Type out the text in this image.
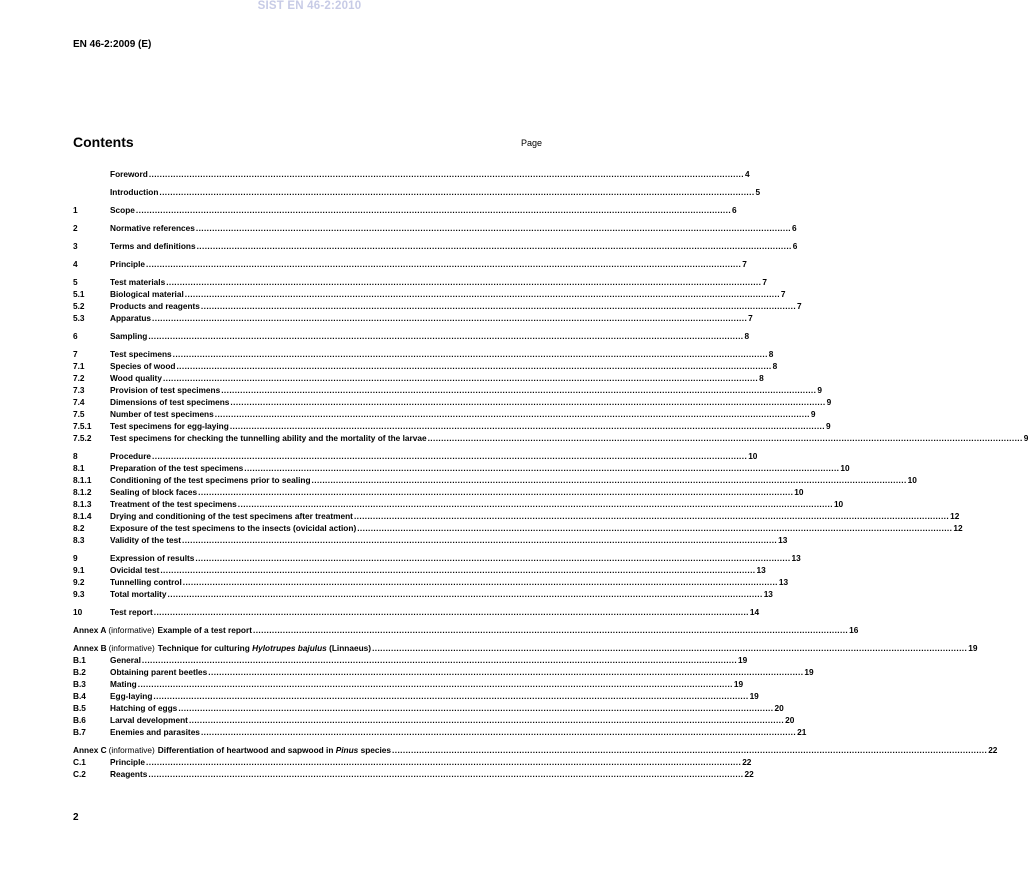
SIST EN 46-2:2010
EN 46-2:2009 (E)
Contents	Page
Foreword ............................................................................................................................................................................................................................ 4
Introduction ............................................................................................................................................................................................................................ 5
1	Scope ............................................................................................................................................................................................................................ 6
2	Normative references ............................................................................................................................................................................................................................ 6
3	Terms and definitions ............................................................................................................................................................................................................................ 6
4	Principle ............................................................................................................................................................................................................................ 7
5	Test materials ............................................................................................................................................................................................................................ 7
5.1	Biological material ............................................................................................................................................................................................................................ 7
5.2	Products and reagents ............................................................................................................................................................................................................................ 7
5.3	Apparatus ............................................................................................................................................................................................................................ 7
6	Sampling ............................................................................................................................................................................................................................ 8
7	Test specimens ............................................................................................................................................................................................................................ 8
7.1	Species of wood ............................................................................................................................................................................................................................ 8
7.2	Wood quality ............................................................................................................................................................................................................................ 8
7.3	Provision of test specimens ............................................................................................................................................................................................................................ 9
7.4	Dimensions of test specimens ............................................................................................................................................................................................................................ 9
7.5	Number of test specimens ............................................................................................................................................................................................................................ 9
7.5.1	Test specimens for egg-laying ............................................................................................................................................................................................................................ 9
7.5.2	Test specimens for checking the tunnelling ability and the mortality of the larvae ............................................................................................................................................................................................................................ 9
8	Procedure ............................................................................................................................................................................................................................ 10
8.1	Preparation of the test specimens ............................................................................................................................................................................................................................ 10
8.1.1	Conditioning of the test specimens prior to sealing ............................................................................................................................................................................................................................ 10
8.1.2	Sealing of block faces ............................................................................................................................................................................................................................ 10
8.1.3	Treatment of the test specimens ............................................................................................................................................................................................................................ 10
8.1.4	Drying and conditioning of the test specimens after treatment ............................................................................................................................................................................................................................ 12
8.2	Exposure of the test specimens to the insects (ovicidal action) ............................................................................................................................................................................................................................ 12
8.3	Validity of the test ............................................................................................................................................................................................................................ 13
9	Expression of results ............................................................................................................................................................................................................................ 13
9.1	Ovicidal test ............................................................................................................................................................................................................................ 13
9.2	Tunnelling control ............................................................................................................................................................................................................................ 13
9.3	Total mortality ............................................................................................................................................................................................................................ 13
10	Test report ............................................................................................................................................................................................................................ 14
Annex A (informative) Example of a test report ............................................................................................................................................................................................................................ 16
Annex B (informative) Technique for culturing Hylotrupes bajulus (Linnaeus) ............................................................................................................................................................................................................................ 19
B.1	General ............................................................................................................................................................................................................................ 19
B.2	Obtaining parent beetles ............................................................................................................................................................................................................................ 19
B.3	Mating ............................................................................................................................................................................................................................ 19
B.4	Egg-laying ............................................................................................................................................................................................................................ 19
B.5	Hatching of eggs ............................................................................................................................................................................................................................ 20
B.6	Larval development ............................................................................................................................................................................................................................ 20
B.7	Enemies and parasites ............................................................................................................................................................................................................................ 21
Annex C (informative) Differentiation of heartwood and sapwood in Pinus species ............................................................................................................................................................................................................................ 22
C.1	Principle ............................................................................................................................................................................................................................ 22
C.2	Reagents ............................................................................................................................................................................................................................ 22
2
